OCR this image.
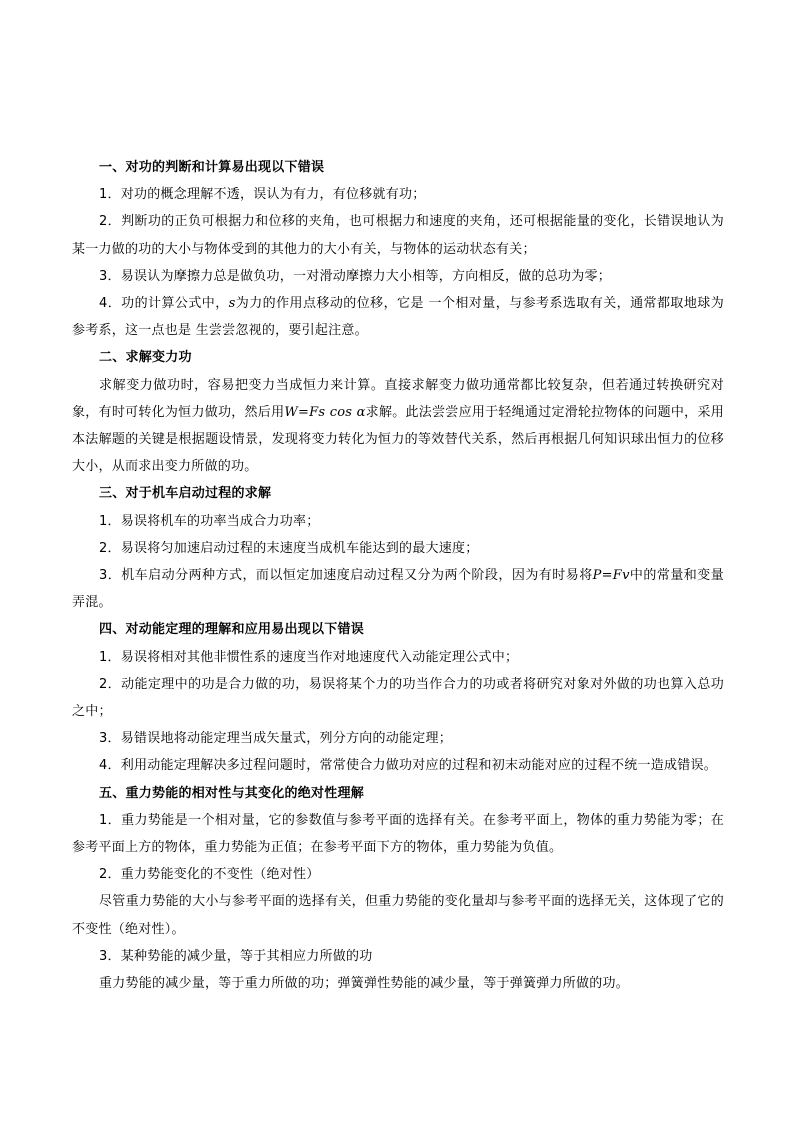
一、对功的判断和计算易出现以下错误

1．对功的概念理解不透，误认为有力，有位移就有功；

2．判断功的正负可根据力和位移的夹角，也可根据力和速度的夹角，还可根据能量的变化，长错误地认为某一力做的功的大小与物体受到的其他力的大小有关，与物体的运动状态有关；

3．易误认为摩擦力总是做负功，一对滑动摩擦力大小相等，方向相反，做的总功为零；

4．功的计算公式中，s为力的作用点移动的位移，它是 一个相对量，与参考系选取有关，通常都取地球为参考系，这一点也是 生尝尝忽视的，要引起注意。

二、求解变力功

求解变力做功时，容易把变力当成恒力来计算。直接求解变力做功通常都比较复杂，但若通过转换研究对象，有时可转化为恒力做功，然后用W=Fs cos α求解。此法尝尝应用于轻绳通过定滑轮拉物体的问题中，采用本法解题的关键是根据题设情景，发现将变力转化为恒力的等效替代关系，然后再根据几何知识球出恒力的位移大小，从而求出变力所做的功。

三、对于机车启动过程的求解

1．易误将机车的功率当成合力功率；

2．易误将匀加速启动过程的末速度当成机车能达到的最大速度；

3．机车启动分两种方式，而以恒定加速度启动过程又分为两个阶段，因为有时易将P=Fv中的常量和变量弄混。

四、对动能定理的理解和应用易出现以下错误

1．易误将相对其他非惯性系的速度当作对地速度代入动能定理公式中；

2．动能定理中的功是合力做的功，易误将某个力的功当作合力的功或者将研究对象对外做的功也算入总功之中；

3．易错误地将动能定理当成矢量式，列分方向的动能定理；

4．利用动能定理解决多过程问题时，常常使合力做功对应的过程和初末动能对应的过程不统一造成错误。

五、重力势能的相对性与其变化的绝对性理解

1．重力势能是一个相对量，它的参数值与参考平面的选择有关。在参考平面上，物体的重力势能为零；在参考平面上方的物体，重力势能为正值；在参考平面下方的物体，重力势能为负值。

2．重力势能变化的不变性（绝对性）

尽管重力势能的大小与参考平面的选择有关，但重力势能的变化量却与参考平面的选择无关，这体现了它的不变性（绝对性）。

3．某种势能的减少量，等于其相应力所做的功

重力势能的减少量，等于重力所做的功；弹簧弹性势能的减少量，等于弹簧弹力所做的功。
